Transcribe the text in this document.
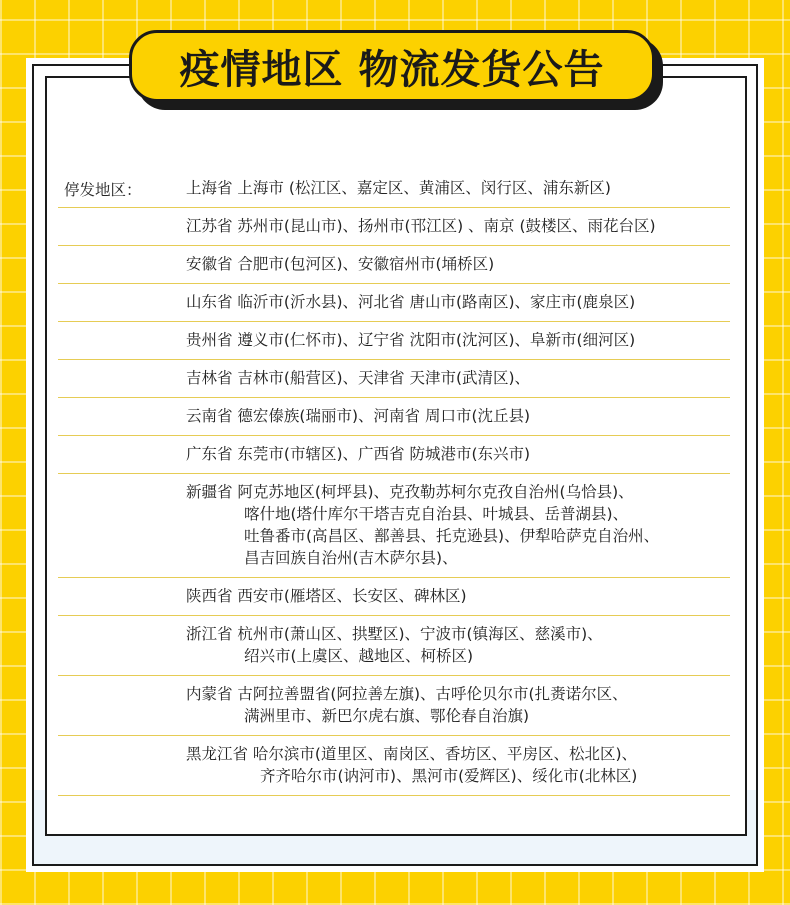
疫情地区 物流发货公告
停发地区：	上海省 上海市 (松江区、嘉定区、黄浦区、闵行区、浦东新区)
江苏省 苏州市(昆山市)、扬州市(邗江区) 、南京 (鼓楼区、雨花台区)
安徽省 合肥市(包河区)、安徽宿州市(埇桥区)
山东省 临沂市(沂水县)、河北省 唐山市(路南区)、家庄市(鹿泉区)
贵州省 遵义市(仁怀市)、辽宁省 沈阳市(沈河区)、阜新市(细河区)
吉林省 吉林市(船营区)、天津省 天津市(武清区)、
云南省 德宏傣族(瑞丽市)、河南省 周口市(沈丘县)
广东省 东莞市(市辖区)、广西省 防城港市(东兴市)
新疆省 阿克苏地区(柯坪县)、克孜勒苏柯尔克孜自治州(乌恰县)、
喀什地(塔什库尔干塔吉克自治县、叶城县、岳普湖县)、
吐鲁番市(高昌区、鄯善县、托克逊县)、伊犁哈萨克自治州、
昌吉回族自治州(吉木萨尔县)、
陕西省 西安市(雁塔区、长安区、碑林区)
浙江省 杭州市(萧山区、拱墅区)、宁波市(镇海区、慈溪市)、
绍兴市(上虞区、越地区、柯桥区)
内蒙省 古阿拉善盟省(阿拉善左旗)、古呼伦贝尔市(扎赉诺尔区、
满洲里市、新巴尔虎右旗、鄂伦春自治旗)
黑龙江省 哈尔滨市(道里区、南岗区、香坊区、平房区、松北区)、
齐齐哈尔市(讷河市)、黑河市(爱辉区)、绥化市(北林区)
